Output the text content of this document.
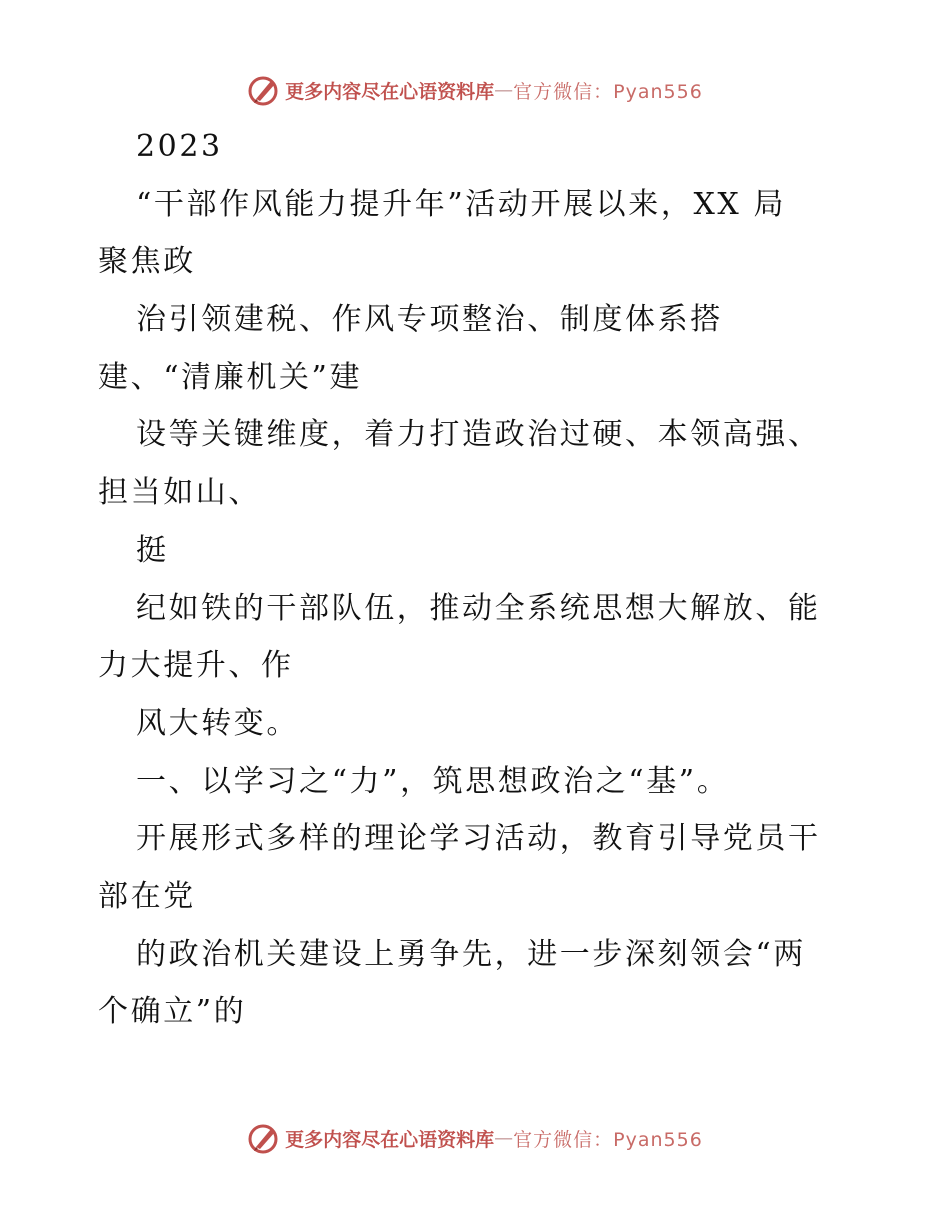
更多内容尽在心语资料库 — 官方微信：Pyan556
2023
“干部作风能力提升年”活动开展以来，XX 局
聚焦政
治引领建税、作风专项整治、制度体系搭
建、“清廉机关”建
设等关键维度，着力打造政治过硬、本领高强、
担当如山、
挺
纪如铁的干部队伍，推动全系统思想大解放、能
力大提升、作
风大转变。
一、以学习之“力”，筑思想政治之“基”。
开展形式多样的理论学习活动，教育引导党员干
部在党
的政治机关建设上勇争先，进一步深刻领会“两
个确立”的
更多内容尽在心语资料库 — 官方微信：Pyan556
